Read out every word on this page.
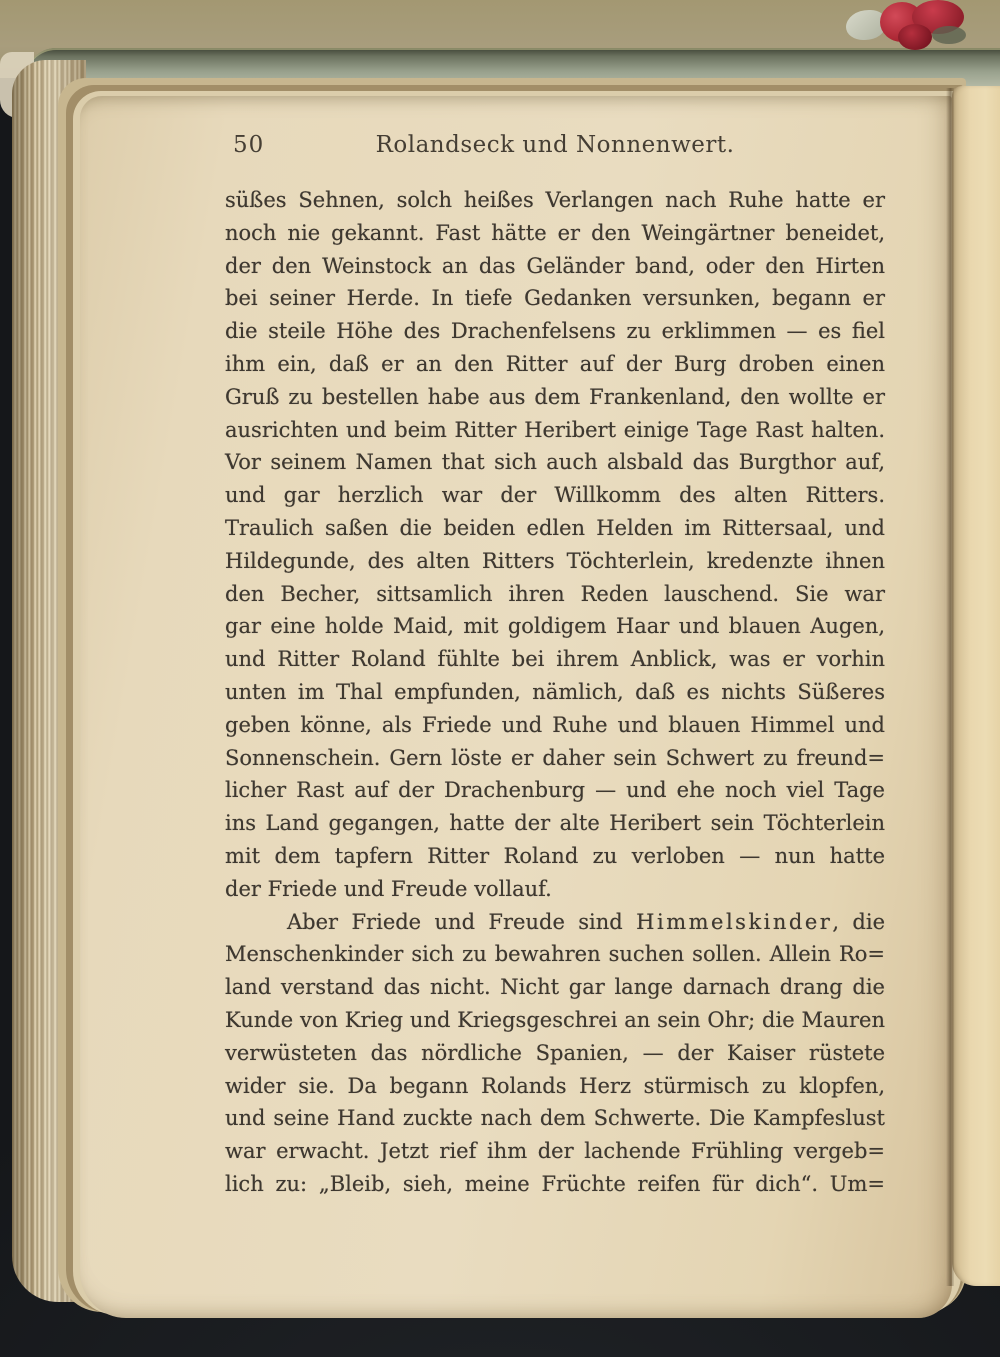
50	Rolandseck und Nonnenwert.
süßes Sehnen, solch heißes Verlangen nach Ruhe hatte er
noch nie gekannt. Fast hätte er den Weingärtner beneidet,
der den Weinstock an das Geländer band, oder den Hirten
bei seiner Herde. In tiefe Gedanken versunken, begann er
die steile Höhe des Drachenfelsens zu erklimmen — es fiel
ihm ein, daß er an den Ritter auf der Burg droben einen
Gruß zu bestellen habe aus dem Frankenland, den wollte er
ausrichten und beim Ritter Heribert einige Tage Rast halten.
Vor seinem Namen that sich auch alsbald das Burgthor auf,
und gar herzlich war der Willkomm des alten Ritters.
Traulich saßen die beiden edlen Helden im Rittersaal, und
Hildegunde, des alten Ritters Töchterlein, kredenzte ihnen
den Becher, sittsamlich ihren Reden lauschend. Sie war
gar eine holde Maid, mit goldigem Haar und blauen Augen,
und Ritter Roland fühlte bei ihrem Anblick, was er vorhin
unten im Thal empfunden, nämlich, daß es nichts Süßeres
geben könne, als Friede und Ruhe und blauen Himmel und
Sonnenschein. Gern löste er daher sein Schwert zu freund=
licher Rast auf der Drachenburg — und ehe noch viel Tage
ins Land gegangen, hatte der alte Heribert sein Töchterlein
mit dem tapfern Ritter Roland zu verloben — nun hatte
der Friede und Freude vollauf.
Aber Friede und Freude sind Himmelskinder, die
Menschenkinder sich zu bewahren suchen sollen. Allein Ro=
land verstand das nicht. Nicht gar lange darnach drang die
Kunde von Krieg und Kriegsgeschrei an sein Ohr; die Mauren
verwüsteten das nördliche Spanien, — der Kaiser rüstete
wider sie. Da begann Rolands Herz stürmisch zu klopfen,
und seine Hand zuckte nach dem Schwerte. Die Kampfeslust
war erwacht. Jetzt rief ihm der lachende Frühling vergeb=
lich zu: „Bleib, sieh, meine Früchte reifen für dich“. Um=
